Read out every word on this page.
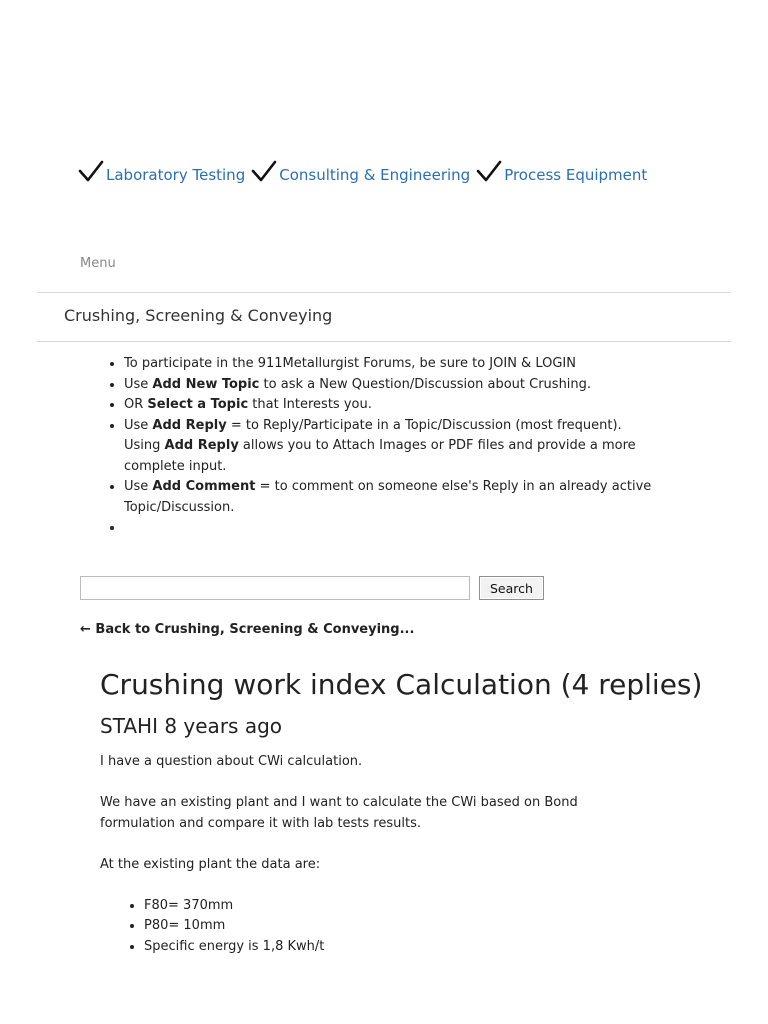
Laboratory Testing Consulting & Engineering Process Equipment
Menu
Crushing, Screening & Conveying
• To participate in the 911Metallurgist Forums, be sure to JOIN & LOGIN
• Use Add New Topic to ask a New Question/Discussion about Crushing.
• OR Select a Topic that Interests you.
• Use Add Reply = to Reply/Participate in a Topic/Discussion (most frequent).
Using Add Reply allows you to Attach Images or PDF files and provide a more complete input.
• Use Add Comment = to comment on someone else's Reply in an already active Topic/Discussion.
•
Search
← Back to Crushing, Screening & Conveying...
Crushing work index Calculation (4 replies)
STAHI 8 years ago

I have a question about CWi calculation.

We have an existing plant and I want to calculate the CWi based on Bond formulation and compare it with lab tests results.

At the existing plant the data are:

• F80= 370mm
• P80= 10mm
• Specific energy is 1,8 Kwh/t
